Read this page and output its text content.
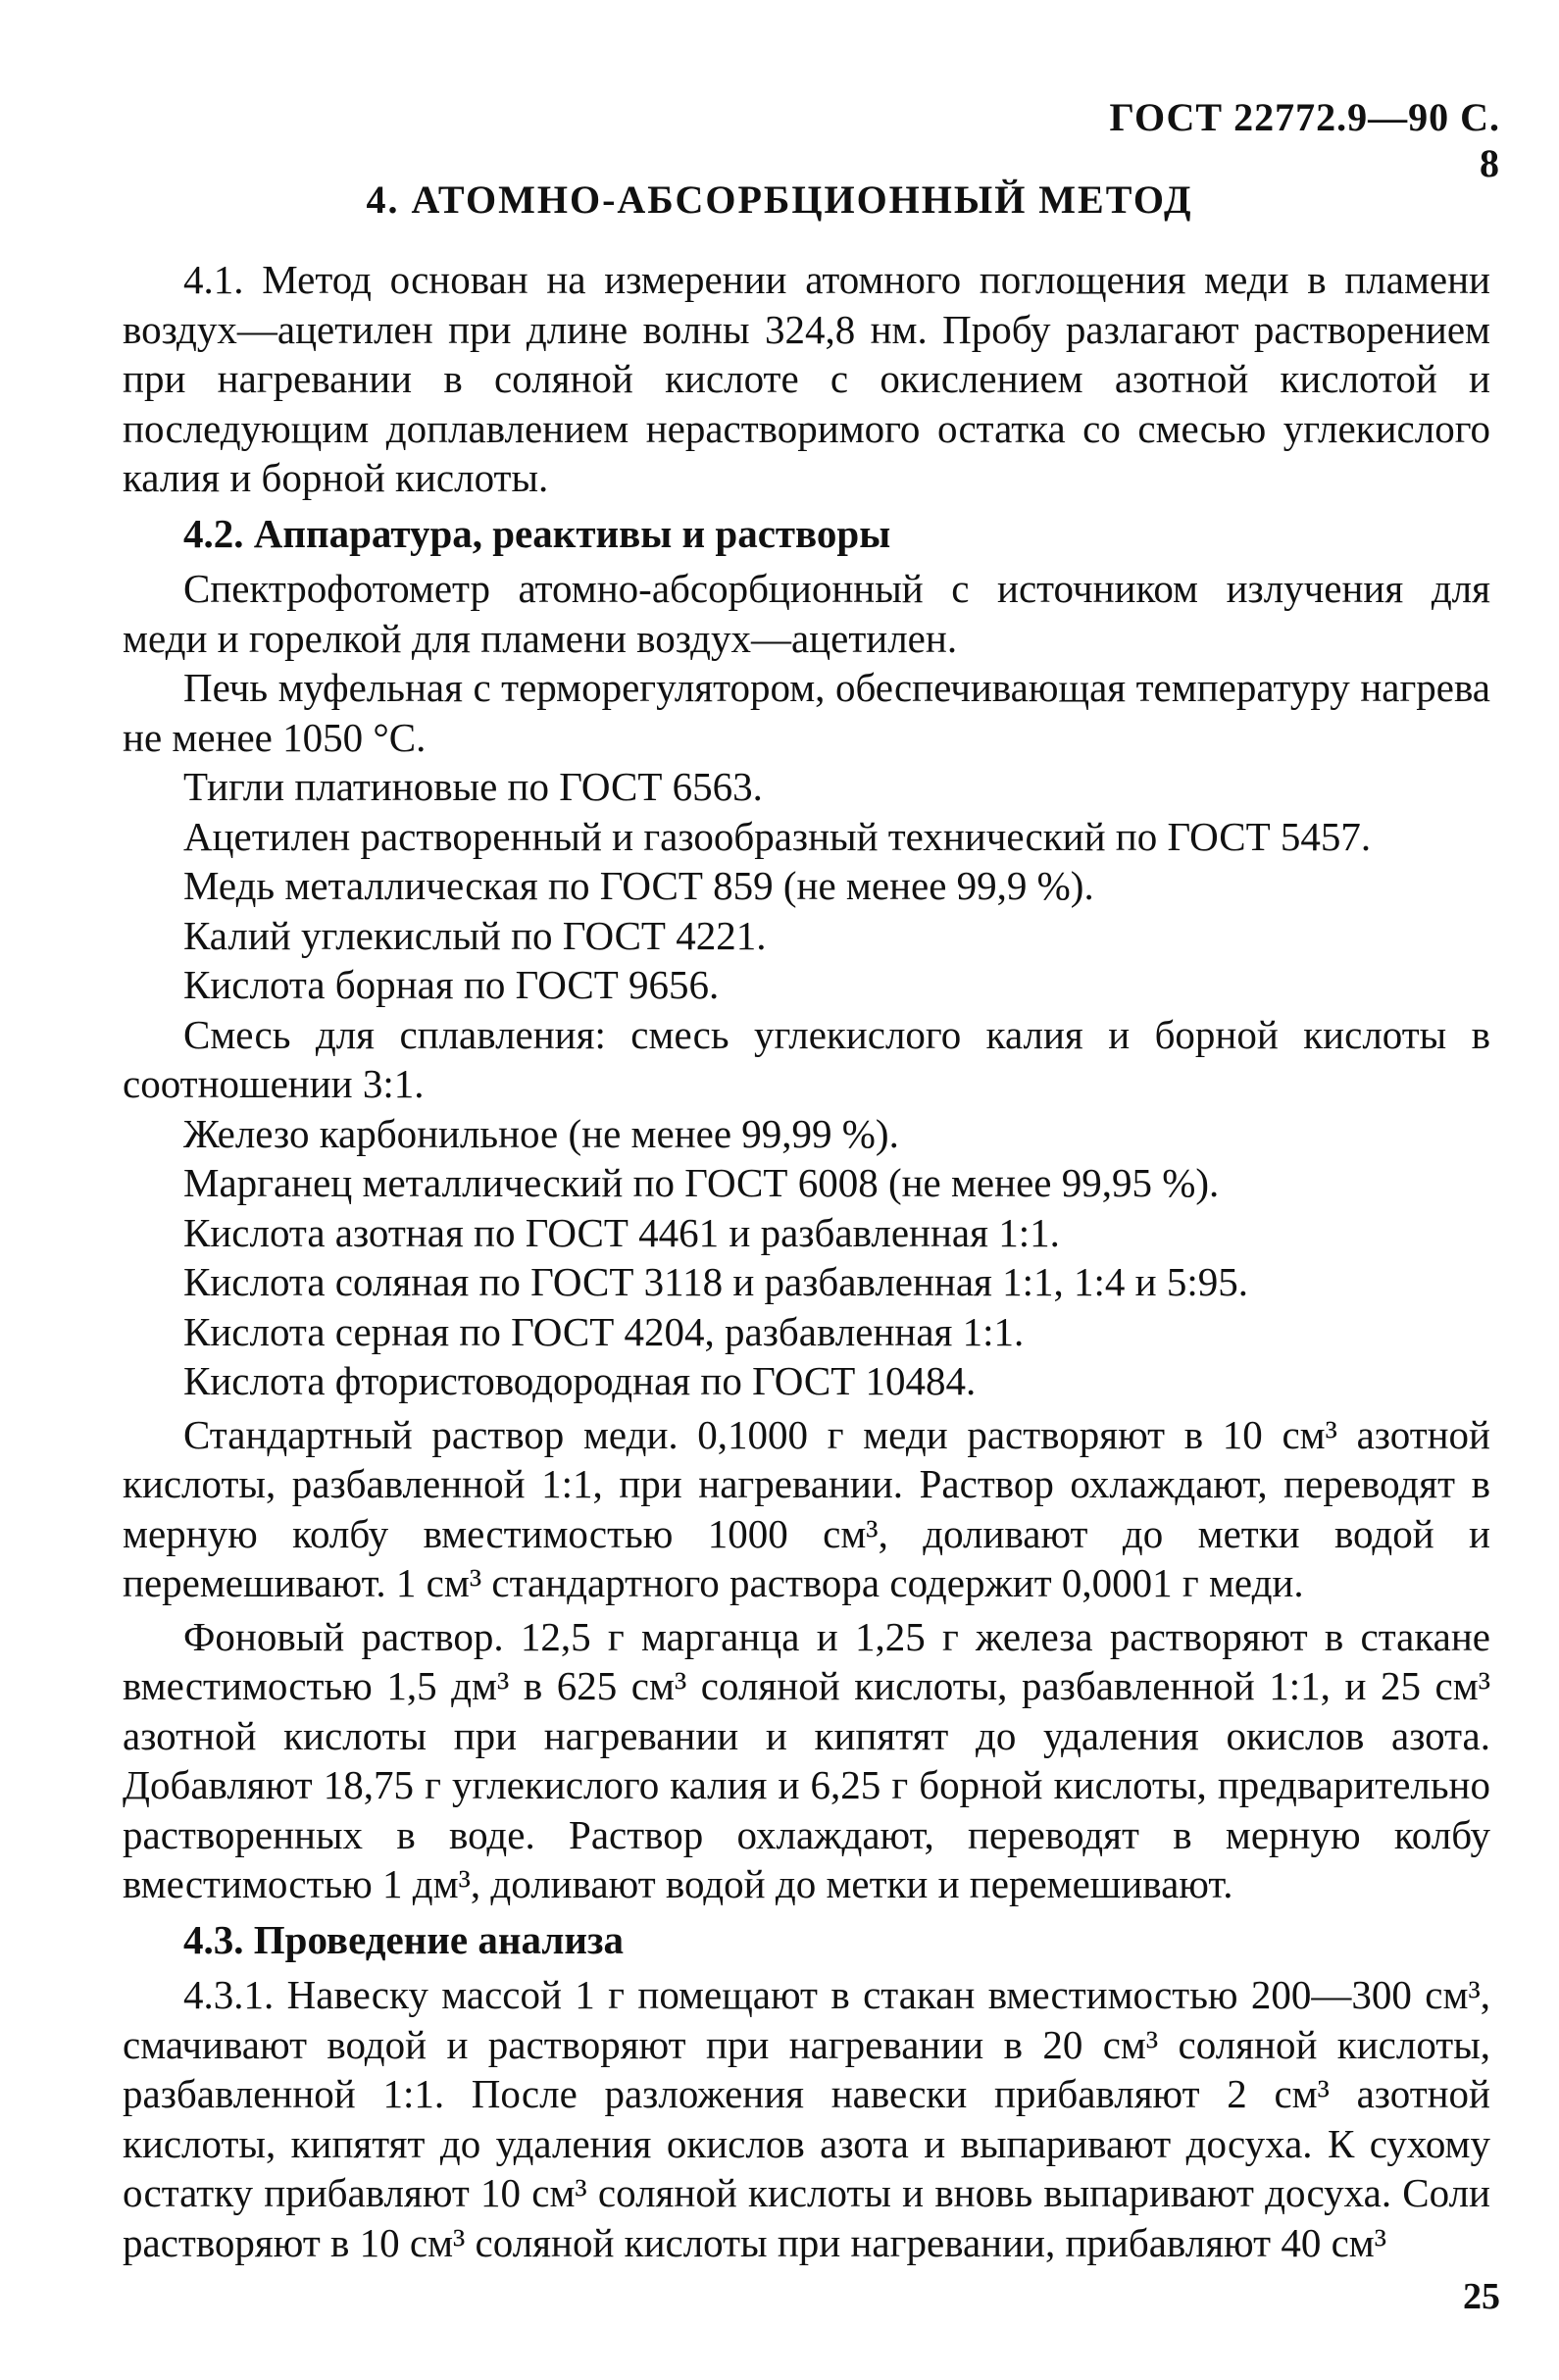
ГОСТ 22772.9—90 С. 8
4. АТОМНО-АБСОРБЦИОННЫЙ МЕТОД

4.1. Метод основан на измерении атомного поглощения меди в пламени воздух—ацетилен при длине волны 324,8 нм. Пробу разлагают растворением при нагревании в соляной кислоте с окислением азотной кислотой и последующим доплавлением нерастворимого остатка со смесью углекислого калия и борной кислоты.

4.2. Аппаратура, реактивы и растворы

Спектрофотометр атомно-абсорбционный с источником излучения для меди и горелкой для пламени воздух—ацетилен.

Печь муфельная с терморегулятором, обеспечивающая температуру нагрева не менее 1050 °С.

Тигли платиновые по ГОСТ 6563.

Ацетилен растворенный и газообразный технический по ГОСТ 5457.

Медь металлическая по ГОСТ 859 (не менее 99,9 %).

Калий углекислый по ГОСТ 4221.

Кислота борная по ГОСТ 9656.

Смесь для сплавления: смесь углекислого калия и борной кислоты в соотношении 3:1.

Железо карбонильное (не менее 99,99 %).

Марганец металлический по ГОСТ 6008 (не менее 99,95 %).

Кислота азотная по ГОСТ 4461 и разбавленная 1:1.

Кислота соляная по ГОСТ 3118 и разбавленная 1:1, 1:4 и 5:95.

Кислота серная по ГОСТ 4204, разбавленная 1:1.

Кислота фтористоводородная по ГОСТ 10484.

Стандартный раствор меди. 0,1000 г меди растворяют в 10 см³ азотной кислоты, разбавленной 1:1, при нагревании. Раствор охлаждают, переводят в мерную колбу вместимостью 1000 см³, доливают до метки водой и перемешивают. 1 см³ стандартного раствора содержит 0,0001 г меди.

Фоновый раствор. 12,5 г марганца и 1,25 г железа растворяют в стакане вместимостью 1,5 дм³ в 625 см³ соляной кислоты, разбавленной 1:1, и 25 см³ азотной кислоты при нагревании и кипятят до удаления окислов азота. Добавляют 18,75 г углекислого калия и 6,25 г борной кислоты, предварительно растворенных в воде. Раствор охлаждают, переводят в мерную колбу вместимостью 1 дм³, доливают водой до метки и перемешивают.

4.3. Проведение анализа

4.3.1. Навеску массой 1 г помещают в стакан вместимостью 200—300 см³, смачивают водой и растворяют при нагревании в 20 см³ соляной кислоты, разбавленной 1:1. После разложения навески прибавляют 2 см³ азотной кислоты, кипятят до удаления окислов азота и выпаривают досуха. К сухому остатку прибавляют 10 см³ соляной кислоты и вновь выпаривают досуха. Соли растворяют в 10 см³ соляной кислоты при нагревании, прибавляют 40 см³

25
